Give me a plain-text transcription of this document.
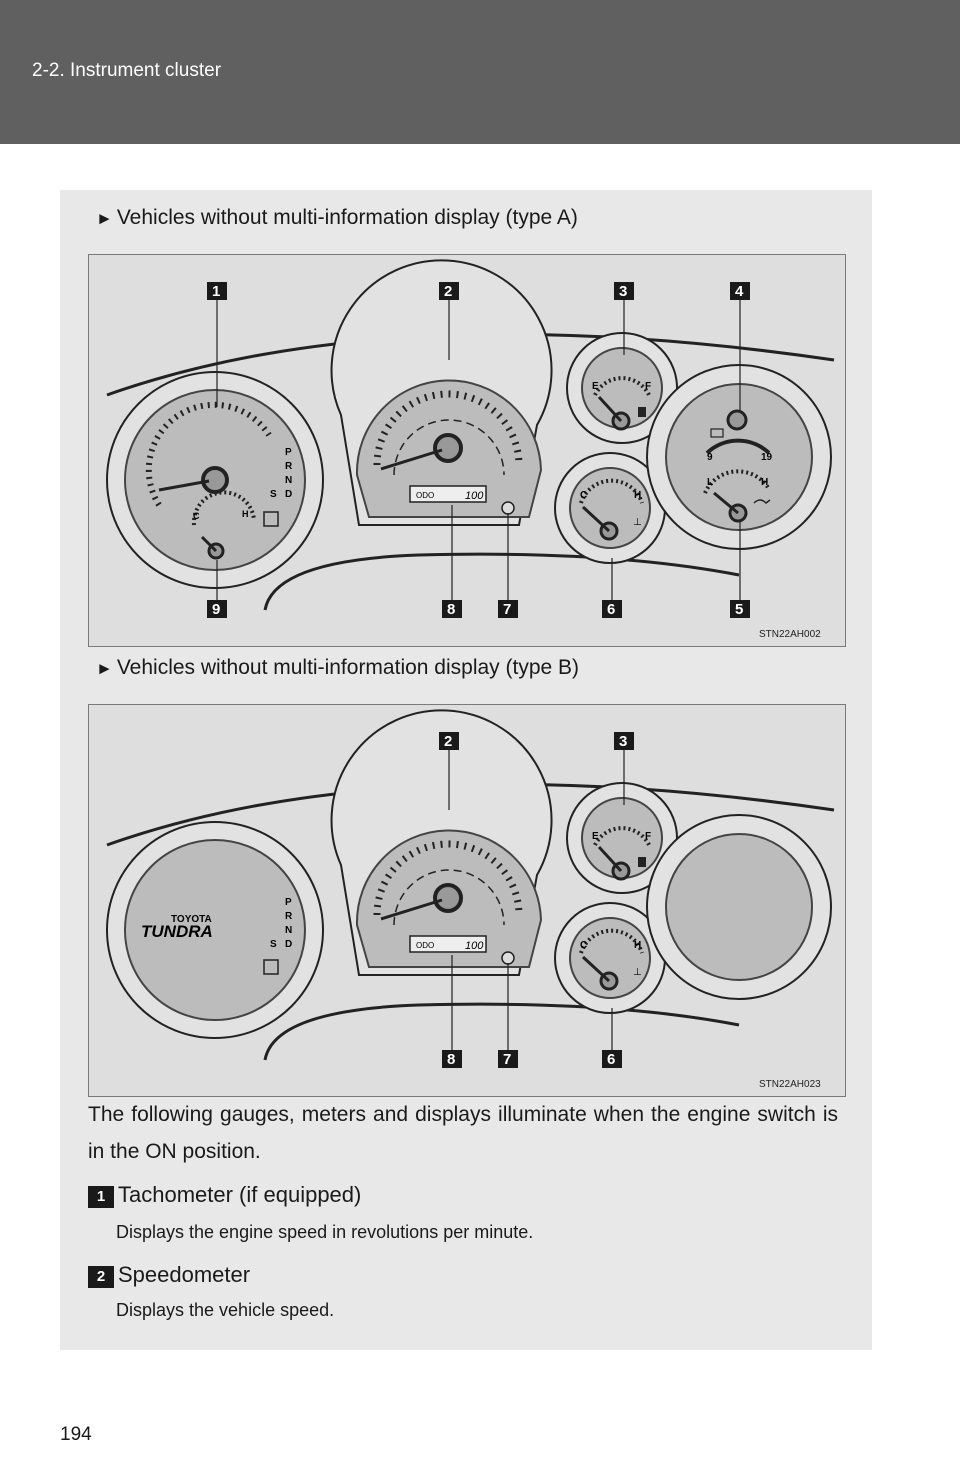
2-2. Instrument cluster
► Vehicles without multi-information display (type A)
P
R
N
D
S
C	H
ODO	100
E	F
C	H
⊥
9	19
L	H
1	2	3	4
5
6
7
8
9
STN22AH002
► Vehicles without multi-information display (type B)
TOYOTA
TUNDRA
P
R
N
D
S	ODO	100
E	F
C	H
⊥
2	3
6
7
8
STN22AH023
The following gauges, meters and displays illuminate when the engine switch is in the ON position.
1 Tachometer (if equipped)
Displays the engine speed in revolutions per minute.
2 Speedometer
Displays the vehicle speed.
194
